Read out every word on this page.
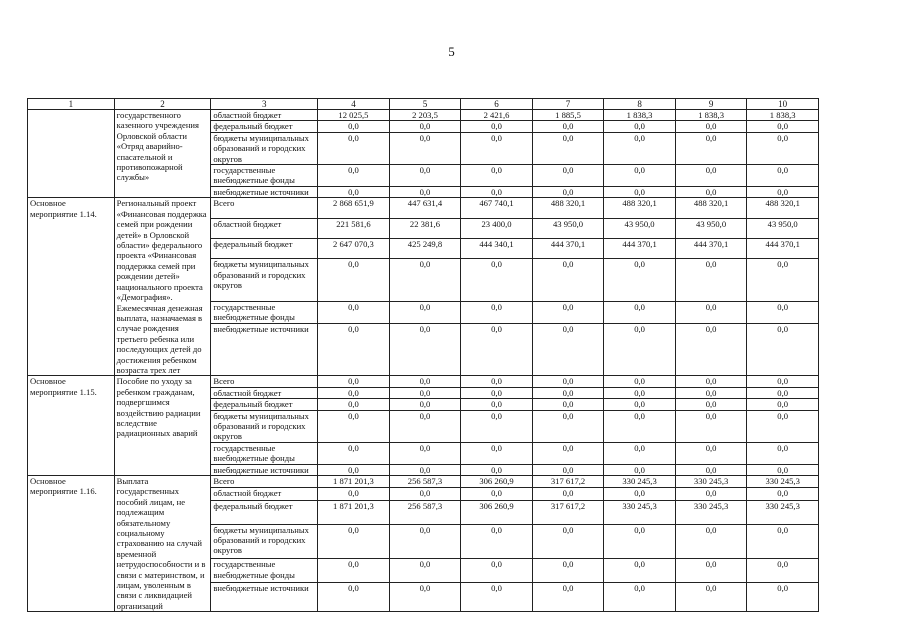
5
1	2	3	4	5	6	7	8	9	10
	государственного казенного учреждения Орловской области «Отряд аварийно-спасательной и противопожарной службы»	областной бюджет	12 025,5	2 203,5	2 421,6	1 885,5	1 838,3	1 838,3	1 838,3
		федеральный бюджет	0,0	0,0	0,0	0,0	0,0	0,0	0,0
		бюджеты муниципальных образований и городских округов	0,0	0,0	0,0	0,0	0,0	0,0	0,0
		государственные внебюджетные фонды	0,0	0,0	0,0	0,0	0,0	0,0	0,0
		внебюджетные источники	0,0	0,0	0,0	0,0	0,0	0,0	0,0
Основное мероприятие 1.14.	Региональный проект «Финансовая поддержка семей при рождении детей» в Орловской области» федерального проекта «Финансовая поддержка семей при рождении детей» национального проекта «Демография». Ежемесячная денежная выплата, назначаемая в случае рождения третьего ребенка или последующих детей до достижения ребенком возраста трех лет	Всего	2 868 651,9	447 631,4	467 740,1	488 320,1	488 320,1	488 320,1	488 320,1
		областной бюджет	221 581,6	22 381,6	23 400,0	43 950,0	43 950,0	43 950,0	43 950,0
		федеральный бюджет	2 647 070,3	425 249,8	444 340,1	444 370,1	444 370,1	444 370,1	444 370,1
		бюджеты муниципальных образований и городских округов	0,0	0,0	0,0	0,0	0,0	0,0	0,0
		государственные внебюджетные фонды	0,0	0,0	0,0	0,0	0,0	0,0	0,0
		внебюджетные источники	0,0	0,0	0,0	0,0	0,0	0,0	0,0
Основное мероприятие 1.15.	Пособие по уходу за ребенком гражданам, подвергшимся воздействию радиации вследствие радиационных аварий	Всего	0,0	0,0	0,0	0,0	0,0	0,0	0,0
		областной бюджет	0,0	0,0	0,0	0,0	0,0	0,0	0,0
		федеральный бюджет	0,0	0,0	0,0	0,0	0,0	0,0	0,0
		бюджеты муниципальных образований и городских округов	0,0	0,0	0,0	0,0	0,0	0,0	0,0
		государственные внебюджетные фонды	0,0	0,0	0,0	0,0	0,0	0,0	0,0
		внебюджетные источники	0,0	0,0	0,0	0,0	0,0	0,0	0,0
Основное мероприятие 1.16.	Выплата государственных пособий лицам, не подлежащим обязательному социальному страхованию на случай временной нетрудоспособности и в связи с материнством, и лицам, уволенным в связи с ликвидацией организаций	Всего	1 871 201,3	256 587,3	306 260,9	317 617,2	330 245,3	330 245,3	330 245,3
		областной бюджет	0,0	0,0	0,0	0,0	0,0	0,0	0,0
		федеральный бюджет	1 871 201,3	256 587,3	306 260,9	317 617,2	330 245,3	330 245,3	330 245,3
		бюджеты муниципальных образований и городских округов	0,0	0,0	0,0	0,0	0,0	0,0	0,0
		государственные внебюджетные фонды	0,0	0,0	0,0	0,0	0,0	0,0	0,0
		внебюджетные источники	0,0	0,0	0,0	0,0	0,0	0,0	0,0
